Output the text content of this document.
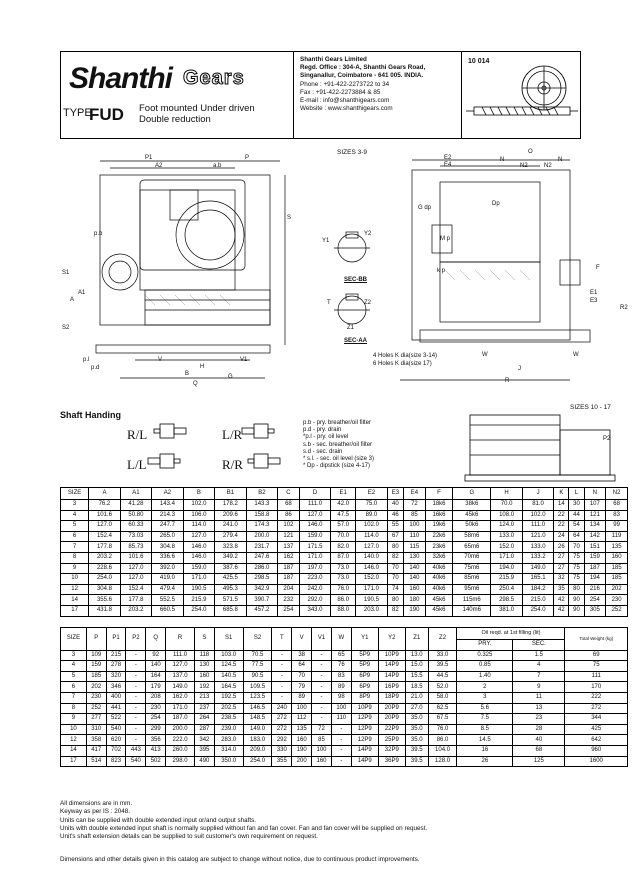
Shanthi Gears
TYPE
FUD Foot mounted Under driven
Double reduction
Shanthi Gears Limited
Regd. Office : 304-A, Shanthi Gears Road,
Singanallur, Coimbatore - 641 005. INDIA.
Phone : +91-422-2273722 to 34
Fax : +91-422-2273884 & 85
E-mail : info@shanthigears.com
Website : www.shanthigears.com
10 014
SIZES 3-9
SIZES 10 - 17
SEC-BB
SEC-AA
4 Holes K dia(size 3-14)
6 Holes K dia(size 17)
P1	P
A2	a.b
p.b
p.l
p.d
S1
S2
S
A1
A
V	V1
H
G
B
Q
Y1
Y2
Z1
Z2
T
E2
E4
O
N	N
N2	N2
E1
E3
F
R2
W	W
J
R
Dp
M p
G dp
k p
Shaft Handing
R/L	L/R
L/L	R/R
P2
p.b - pry. breather/oil filter
p.d - pry. drain
*p.l - pry. oil level
s.b - sec. breather/oil filter
s.d - sec. drain
* s.l. - sec. oil level (size 3)
* Dp - dipstick (size 4-17)
SIZE	A	A1	A2	B	B1	B2	C	D	E1	E2	E3	E4	F	G	H	J	K	L	N	N2
3	76.2	41.28	143.4	102.0	178.2	143.3	68	111.0	42.0	75.0	40	72	18k6	38k6	70.0	81.0	14	30	107	68
4	101.6	50.80	214.3	106.0	209.6	158.8	86	127.0	47.5	89.0	46	85	16k6	45k6	108.0	102.0	22	44	121	83
5	127.0	60.33	247.7	114.0	241.0	174.3	102	146.0	57.0	102.0	55	100	19k6	50k6	124.0	111.0	22	54	134	99
6	152.4	73.03	265.0	127.0	279.4	200.0	121	159.0	70.0	114.0	67	110	22k6	58m6	133.0	121.0	24	64	142	119
7	177.8	85.73	304.8	146.0	323.8	231.7	137	171.5	82.0	127.0	80	115	23k6	65m6	152.0	133.0	26	70	151	135
8	203.2	101.6	336.6	146.0	349.2	247.6	162	171.0	87.0	140.0	82	130	32k6	70m6	171.0	133.2	27	75	159	160
9	228.6	127.0	392.0	159.0	387.6	286.0	187	197.0	73.0	146.0	70	140	40k6	75m6	194.0	149.0	27	75	187	185
10	254.0	127.0	419.0	171.0	425.5	298.5	187	223.0	73.0	152.0	70	140	40k6	85m6	215.9	165.1	32	75	194	185
12	304.8	152.4	479.4	190.5	495.3	342.9	204	242.0	76.0	171.0	74	160	40k6	95m6	250.4	184.2	35	80	216	202
14	355.6	177.8	552.5	215.9	571.5	390.7	232	292.0	86.0	190.5	80	180	45k6	115m6	298.5	215.0	42	90	254	230
17	431.8	203.2	660.5	254.0	685.8	457.2	254	343.0	88.0	203.0	82	190	45k6	140m6	381.0	254.0	42	90	305	252
SIZE	P	P1	P2	Q	R	S	S1	S2	T	V	V1	W	Y1	Y2	Z1	Z2	Oil reqd. at 1st filling (lit)		Total Weight (kg)
																	PRY.	SEC.	
3	109	215	-	92	111.0	118	103.0	70.5	-	38	-	65	5P9	10P9	13.0	33.0	0.325	1.5	69
4	159	278	-	140	127.0	130	124.5	77.5	-	64	-	76	5P9	14P9	15.0	39.5	0.85	4	75
5	185	320	-	164	137.0	160	140.5	90.5	-	70	-	83	6P9	14P9	15.5	44.5	1.40	7	111
6	202	346	-	179	149.0	192	164.5	109.5	-	79	-	89	6P9	16P9	18.5	52.0	2	9	170
7	230	400	-	208	162.0	213	192.5	123.5	-	89	-	98	8P9	18P9	21.0	58.0	3	11	222
8	252	441	-	230	171.0	237	202.5	146.5	240	100	-	100	10P9	20P9	27.0	62.5	5.6	13	272
9	277	522	-	254	187.0	264	238.5	148.5	272	112	-	110	12P9	20P9	35.0	67.5	7.5	23	344
10	310	540	-	299	200.0	287	239.0	149.0	272	135	72	-	12P9	22P9	35.0	76.0	8.5	28	425
12	358	620	-	356	222.0	342	283.0	183.0	292	160	85	-	12P9	25P9	35.0	86.0	14.5	40	642
14	417	702	443	413	260.0	395	314.0	209.0	330	190	100	-	14P9	32P9	39.5	104.0	16	68	960
17	514	823	540	502	298.0	490	350.0	254.0	355	200	160	-	14P9	36P9	39.5	128.0	26	125	1600
All dimensions are in mm.
Keyway as per IS : 2048.
Units can be supplied with double extended input or/and output shafts.
Units with double extended input shaft is normally supplied without fan and fan cover. Fan and fan cover will be supplied on request.
Unit's shaft extension details can be supplied to suit customer's own requirement on request.
Dimensions and other details given in this catalog are subject to change without notice, due to continuous product improvements.
